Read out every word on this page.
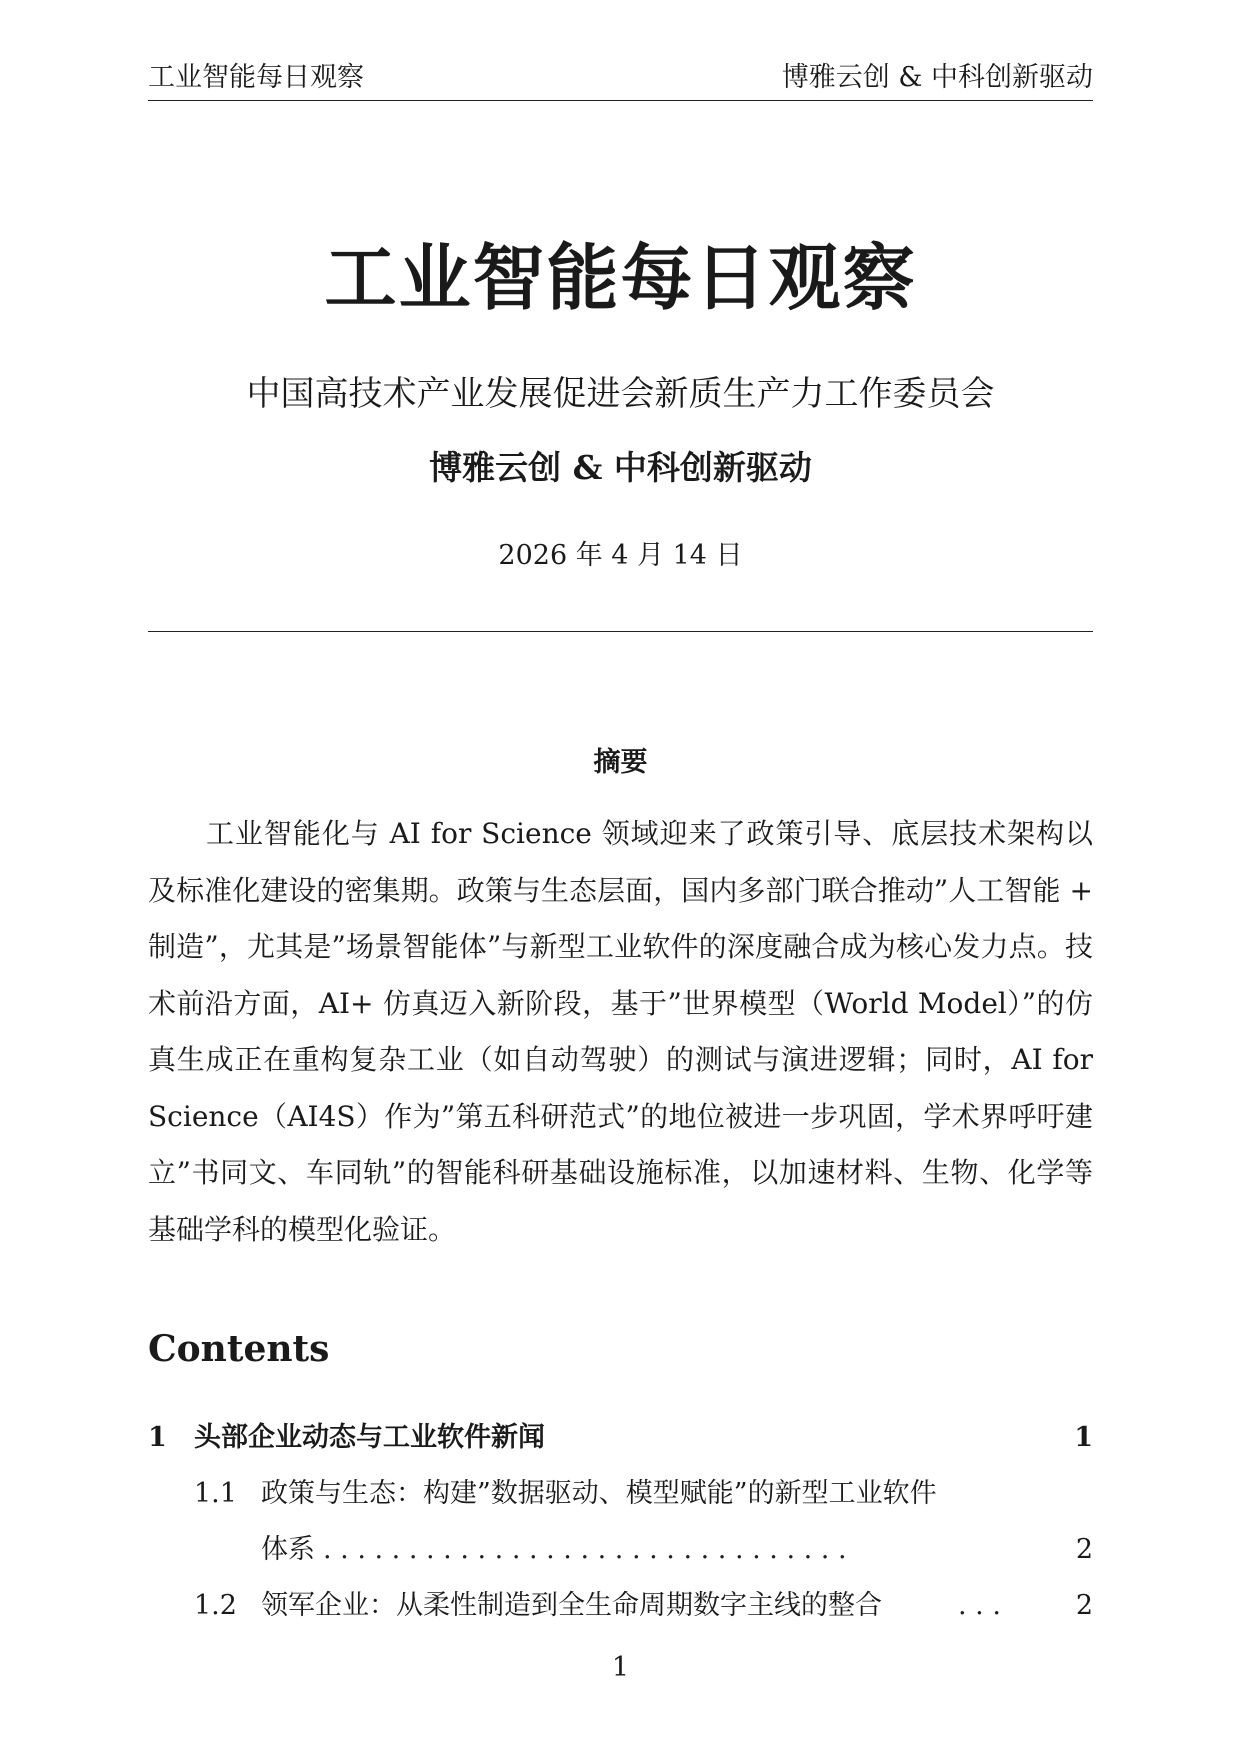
工业智能每日观察	博雅云创 & 中科创新驱动
工业智能每日观察
中国高技术产业发展促进会新质生产力工作委员会
博雅云创 & 中科创新驱动
2026 年 4 月 14 日
摘要

工业智能化与 AI for Science 领域迎来了政策引导、底层技术架构以及标准化建设的密集期。政策与生态层面，国内多部门联合推动”人工智能 + 制造”，尤其是”场景智能体”与新型工业软件的深度融合成为核心发力点。技术前沿方面，AI+ 仿真迈入新阶段，基于”世界模型（World Model）”的仿真生成正在重构复杂工业（如自动驾驶）的测试与演进逻辑；同时，AI for Science（AI4S）作为”第五科研范式”的地位被进一步巩固，学术界呼吁建立”书同文、车同轨”的智能科研基础设施标准，以加速材料、生物、化学等基础学科的模型化验证。

Contents
1 头部企业动态与工业软件新闻	1
1.1 政策与生态：构建”数据驱动、模型赋能”的新型工业软件
体系 . . . . . . . . . . . . . . . . . . . . . . . . . . . . . . .	2
1.2 领军企业：从柔性制造到全生命周期数字主线的整合	. . .	2
1
